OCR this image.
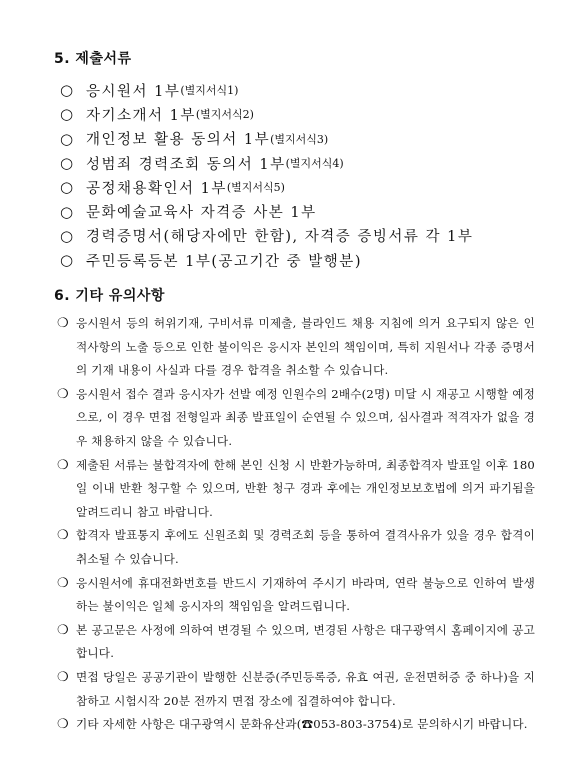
5. 제출서류
○ 응시원서 1부 (별지서식1)
○ 자기소개서 1부 (별지서식2)
○ 개인정보 활용 동의서 1부 (별지서식3)
○ 성범죄 경력조회 동의서 1부 (별지서식4)
○ 공정채용확인서 1부 (별지서식5)
○ 문화예술교육사 자격증 사본 1부
○ 경력증명서(해당자에만 한함), 자격증 증빙서류 각 1부
○ 주민등록등본 1부(공고기간 중 발행분)
6. 기타 유의사항
❍ 응시원서 등의 허위기재, 구비서류 미제출, 블라인드 채용 지침에 의거 요구되지 않은 인적사항의 노출 등으로 인한 불이익은 응시자 본인의 책임이며, 특히 지원서나 각종 증명서의 기재 내용이 사실과 다를 경우 합격을 취소할 수 있습니다.
❍ 응시원서 접수 결과 응시자가 선발 예정 인원수의 2배수(2명) 미달 시 재공고 시행할 예정으로, 이 경우 면접 전형일과 최종 발표일이 순연될 수 있으며, 심사결과 적격자가 없을 경우 채용하지 않을 수 있습니다.
❍ 제출된 서류는 불합격자에 한해 본인 신청 시 반환가능하며, 최종합격자 발표일 이후 180일 이내 반환 청구할 수 있으며, 반환 청구 경과 후에는 개인정보보호법에 의거 파기됨을 알려드리니 참고 바랍니다.
❍ 합격자 발표통지 후에도 신원조회 및 경력조회 등을 통하여 결격사유가 있을 경우 합격이 취소될 수 있습니다.
❍ 응시원서에 휴대전화번호를 반드시 기재하여 주시기 바라며, 연락 불능으로 인하여 발생하는 불이익은 일체 응시자의 책임임을 알려드립니다.
❍ 본 공고문은 사정에 의하여 변경될 수 있으며, 변경된 사항은 대구광역시 홈페이지에 공고합니다.
❍ 면접 당일은 공공기관이 발행한 신분증(주민등록증, 유효 여권, 운전면허증 중 하나)을 지참하고 시험시작 20분 전까지 면접 장소에 집결하여야 합니다.
❍ 기타 자세한 사항은 대구광역시 문화유산과(☎053-803-3754)로 문의하시기 바랍니다.
